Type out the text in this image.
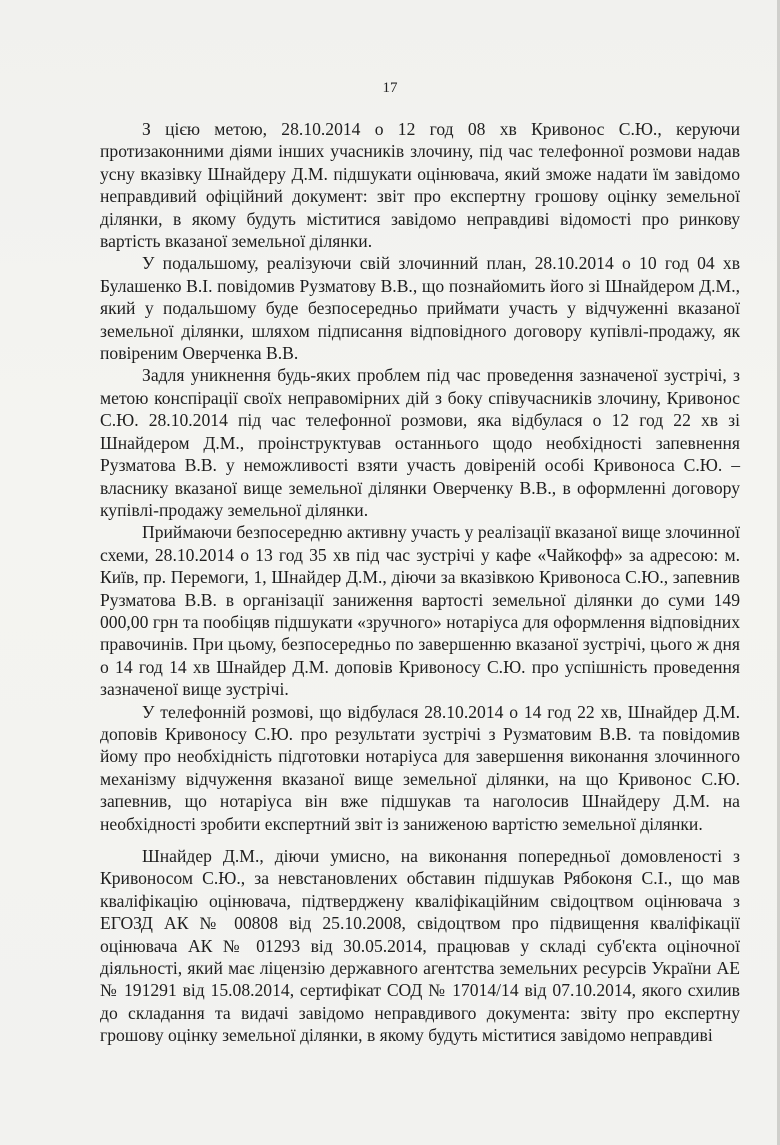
17

З цією метою, 28.10.2014 о 12 год 08 хв Кривонос С.Ю., керуючи протизаконними діями інших учасників злочину, під час телефонної розмови надав усну вказівку Шнайдеру Д.М. підшукати оцінювача, який зможе надати їм завідомо неправдивий офіційний документ: звіт про експертну грошову оцінку земельної ділянки, в якому будуть міститися завідомо неправдиві відомості про ринкову вартість вказаної земельної ділянки.

У подальшому, реалізуючи свій злочинний план, 28.10.2014 о 10 год 04 хв Булашенко В.І. повідомив Рузматову В.В., що познайомить його зі Шнайдером Д.М., який у подальшому буде безпосередньо приймати участь у відчуженні вказаної земельної ділянки, шляхом підписання відповідного договору купівлі-продажу, як повіреним Оверченка В.В.

Задля уникнення будь-яких проблем під час проведення зазначеної зустрічі, з метою конспірації своїх неправомірних дій з боку співучасників злочину, Кривонос С.Ю. 28.10.2014 під час телефонної розмови, яка відбулася о 12 год 22 хв зі Шнайдером Д.М., проінструктував останнього щодо необхідності запевнення Рузматова В.В. у неможливості взяти участь довіреній особі Кривоноса С.Ю. – власнику вказаної вище земельної ділянки Оверченку В.В., в оформленні договору купівлі-продажу земельної ділянки.

Приймаючи безпосередню активну участь у реалізації вказаної вище злочинної схеми, 28.10.2014 о 13 год 35 хв під час зустрічі у кафе «Чайкофф» за адресою: м. Київ, пр. Перемоги, 1, Шнайдер Д.М., діючи за вказівкою Кривоноса С.Ю., запевнив Рузматова В.В. в організації заниження вартості земельної ділянки до суми 149 000,00 грн та пообіцяв підшукати «зручного» нотаріуса для оформлення відповідних правочинів. При цьому, безпосередньо по завершенню вказаної зустрічі, цього ж дня о 14 год 14 хв Шнайдер Д.М. доповів Кривоносу С.Ю. про успішність проведення зазначеної вище зустрічі.

У телефонній розмові, що відбулася 28.10.2014 о 14 год 22 хв, Шнайдер Д.М. доповів Кривоносу С.Ю. про результати зустрічі з Рузматовим В.В. та повідомив йому про необхідність підготовки нотаріуса для завершення виконання злочинного механізму відчуження вказаної вище земельної ділянки, на що Кривонос С.Ю. запевнив, що нотаріуса він вже підшукав та наголосив Шнайдеру Д.М. на необхідності зробити експертний звіт із заниженою вартістю земельної ділянки.

Шнайдер Д.М., діючи умисно, на виконання попередньої домовленості з Кривоносом С.Ю., за невстановлених обставин підшукав Рябоконя С.І., що мав кваліфікацію оцінювача, підтверджену кваліфікаційним свідоцтвом оцінювача з ЕГОЗД АК № 00808 від 25.10.2008, свідоцтвом про підвищення кваліфікації оцінювача АК № 01293 від 30.05.2014, працював у складі суб'єкта оціночної діяльності, який має ліцензію державного агентства земельних ресурсів України АЕ № 191291 від 15.08.2014, сертифікат СОД № 17014/14 від 07.10.2014, якого схилив до складання та видачі завідомо неправдивого документа: звіту про експертну грошову оцінку земельної ділянки, в якому будуть міститися завідомо неправдиві
